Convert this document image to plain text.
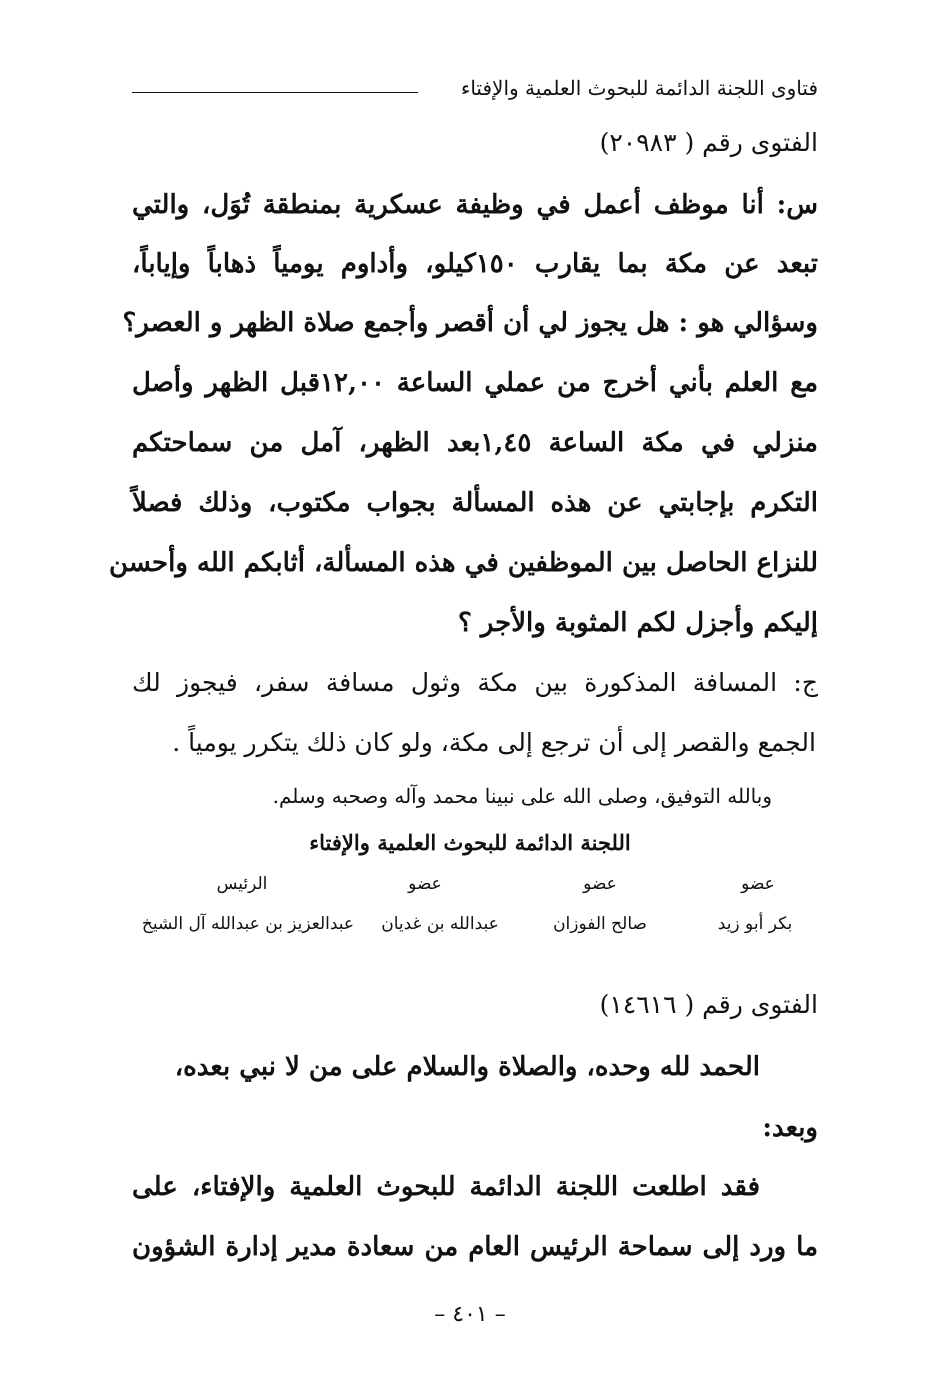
فتاوى اللجنة الدائمة للبحوث العلمية والإفتاء

الفتوى رقم ( ٢٠٩٨٣)

س: أنا موظف أعمل في وظيفة عسكرية بمنطقة تُوَل، والتي

تبعد عن مكة بما يقارب ١٥٠كيلو، وأداوم يومياً ذهاباً وإياباً،

وسؤالي هو : هل يجوز لي أن أقصر وأجمع صلاة الظهر و العصر؟

مع العلم بأني أخرج من عملي الساعة ١٢,٠٠قبل الظهر وأصل

منزلي في مكة الساعة ١,٤٥بعد الظهر، آمل من سماحتكم

التكرم بإجابتي عن هذه المسألة بجواب مكتوب، وذلك فصلاً

للنزاع الحاصل بين الموظفين في هذه المسألة، أثابكم الله وأحسن

إليكم وأجزل لكم المثوبة والأجر ؟

ج: المسافة المذكورة بين مكة وثول مسافة سفر، فيجوز لك

الجمع والقصر إلى أن ترجع إلى مكة، ولو كان ذلك يتكرر يومياً .

وبالله التوفيق، وصلى الله على نبينا محمد وآله وصحبه وسلم.

اللجنة الدائمة للبحوث العلمية والإفتاء
الرئيس	عضو	عضو	عضو
عبدالعزيز بن عبدالله آل الشيخ	عبدالله بن غديان	صالح الفوزان	بكر أبو زيد

الفتوى رقم ( ١٤٦١٦)

الحمد لله وحده، والصلاة والسلام على من لا نبي بعده،

وبعد:

فقد اطلعت اللجنة الدائمة للبحوث العلمية والإفتاء، على

ما ورد إلى سماحة الرئيس العام من سعادة مدير إدارة الشؤون

– ٤٠١ –
